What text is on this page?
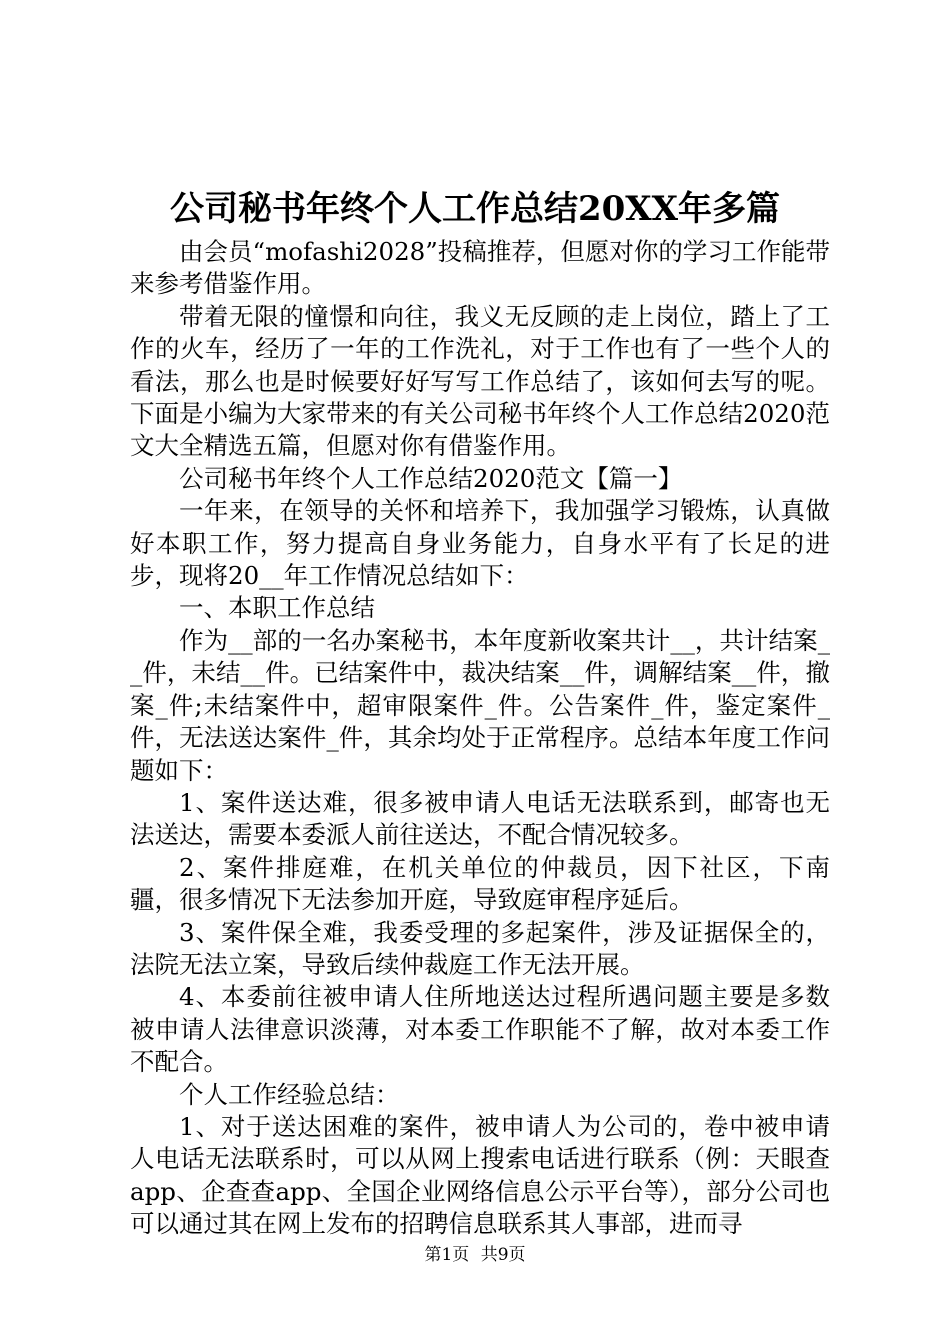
公司秘书年终个人工作总结20XX年多篇

由会员“mofashi2028”投稿推荐，但愿对你的学习工作能带来参考借鉴作用。

带着无限的憧憬和向往，我义无反顾的走上岗位，踏上了工作的火车，经历了一年的工作洗礼，对于工作也有了一些个人的看法，那么也是时候要好好写写工作总结了，该如何去写的呢。下面是小编为大家带来的有关公司秘书年终个人工作总结2020范文大全精选五篇，但愿对你有借鉴作用。

公司秘书年终个人工作总结2020范文【篇一】

一年来，在领导的关怀和培养下，我加强学习锻炼，认真做好本职工作，努力提高自身业务能力，自身水平有了长足的进步，现将20__年工作情况总结如下：

一、本职工作总结

作为__部的一名办案秘书，本年度新收案共计__，共计结案__件，未结__件。已结案件中，裁决结案__件，调解结案__件，撤案_件;未结案件中，超审限案件_件。公告案件_件，鉴定案件_件，无法送达案件_件，其余均处于正常程序。总结本年度工作问题如下：

1、案件送达难，很多被申请人电话无法联系到，邮寄也无法送达，需要本委派人前往送达，不配合情况较多。

2、案件排庭难，在机关单位的仲裁员，因下社区，下南疆，很多情况下无法参加开庭，导致庭审程序延后。

3、案件保全难，我委受理的多起案件，涉及证据保全的，法院无法立案，导致后续仲裁庭工作无法开展。

4、本委前往被申请人住所地送达过程所遇问题主要是多数被申请人法律意识淡薄，对本委工作职能不了解，故对本委工作不配合。

个人工作经验总结：

1、对于送达困难的案件，被申请人为公司的，卷中被申请人电话无法联系时，可以从网上搜索电话进行联系（例：天眼查app、企查查app、全国企业网络信息公示平台等），部分公司也可以通过其在网上发布的招聘信息联系其人事部，进而寻

第1页 共9页
